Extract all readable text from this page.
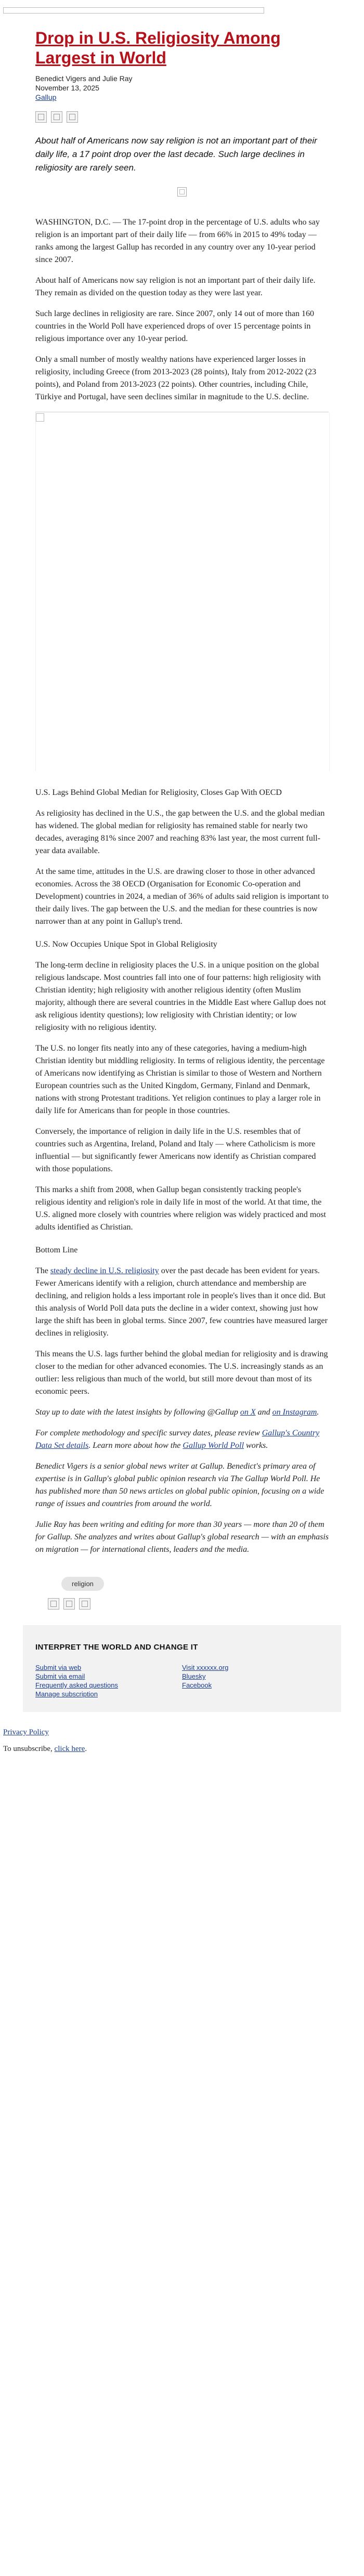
Drop in U.S. Religiosity Among Largest in World
Benedict Vigers and Julie Ray
November 13, 2025
Gallup

About half of Americans now say religion is not an important part of their daily life, a 17 point drop over the last decade. Such large declines in religiosity are rarely seen.

WASHINGTON, D.C. — The 17-point drop in the percentage of U.S. adults who say religion is an important part of their daily life — from 66% in 2015 to 49% today — ranks among the largest Gallup has recorded in any country over any 10-year period since 2007.

About half of Americans now say religion is not an important part of their daily life. They remain as divided on the question today as they were last year.

Such large declines in religiosity are rare. Since 2007, only 14 out of more than 160 countries in the World Poll have experienced drops of over 15 percentage points in religious importance over any 10-year period.

Only a small number of mostly wealthy nations have experienced larger losses in religiosity, including Greece (from 2013-2023 (28 points), Italy from 2012-2022 (23 points), and Poland from 2013-2023 (22 points). Other countries, including Chile, Türkiye and Portugal, have seen declines similar in magnitude to the U.S. decline.

U.S. Lags Behind Global Median for Religiosity, Closes Gap With OECD

As religiosity has declined in the U.S., the gap between the U.S. and the global median has widened. The global median for religiosity has remained stable for nearly two decades, averaging 81% since 2007 and reaching 83% last year, the most current full-year data available.

At the same time, attitudes in the U.S. are drawing closer to those in other advanced economies. Across the 38 OECD (Organisation for Economic Co-operation and Development) countries in 2024, a median of 36% of adults said religion is important to their daily lives. The gap between the U.S. and the median for these countries is now narrower than at any point in Gallup's trend.

U.S. Now Occupies Unique Spot in Global Religiosity

The long-term decline in religiosity places the U.S. in a unique position on the global religious landscape. Most countries fall into one of four patterns: high religiosity with Christian identity; high religiosity with another religious identity (often Muslim majority, although there are several countries in the Middle East where Gallup does not ask religious identity questions); low religiosity with Christian identity; or low religiosity with no religious identity.

The U.S. no longer fits neatly into any of these categories, having a medium-high Christian identity but middling religiosity. In terms of religious identity, the percentage of Americans now identifying as Christian is similar to those of Western and Northern European countries such as the United Kingdom, Germany, Finland and Denmark, nations with strong Protestant traditions. Yet religion continues to play a larger role in daily life for Americans than for people in those countries.

Conversely, the importance of religion in daily life in the U.S. resembles that of countries such as Argentina, Ireland, Poland and Italy — where Catholicism is more influential — but significantly fewer Americans now identify as Christian compared with those populations.

This marks a shift from 2008, when Gallup began consistently tracking people's religious identity and religion's role in daily life in most of the world. At that time, the U.S. aligned more closely with countries where religion was widely practiced and most adults identified as Christian.

Bottom Line

The steady decline in U.S. religiosity over the past decade has been evident for years. Fewer Americans identify with a religion, church attendance and membership are declining, and religion holds a less important role in people's lives than it once did. But this analysis of World Poll data puts the decline in a wider context, showing just how large the shift has been in global terms. Since 2007, few countries have measured larger declines in religiosity.

This means the U.S. lags further behind the global median for religiosity and is drawing closer to the median for other advanced economies. The U.S. increasingly stands as an outlier: less religious than much of the world, but still more devout than most of its economic peers.

Stay up to date with the latest insights by following @Gallup on X and on Instagram.

For complete methodology and specific survey dates, please review Gallup's Country Data Set details. Learn more about how the Gallup World Poll works.

Benedict Vigers is a senior global news writer at Gallup. Benedict's primary area of expertise is in Gallup's global public opinion research via The Gallup World Poll. He has published more than 50 news articles on global public opinion, focusing on a wide range of issues and countries from around the world.

Julie Ray has been writing and editing for more than 30 years — more than 20 of them for Gallup. She analyzes and writes about Gallup's global research — with an emphasis on migration — for international clients, leaders and the media.

religion
INTERPRET THE WORLD AND CHANGE IT
Submit via web
Submit via email
Frequently asked questions
Manage subscription
Visit xxxxxx.org
Bluesky
Facebook
Privacy Policy
To unsubscribe, click here.
